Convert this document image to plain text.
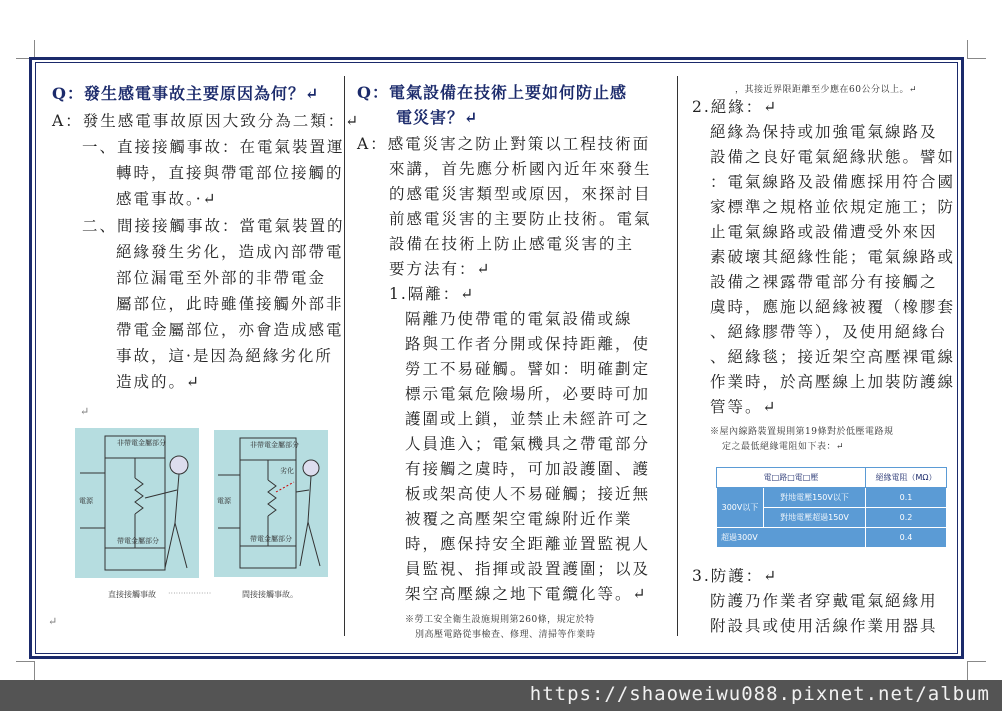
Q：發生感電事故主要原因為何？↵
A：發生感電事故原因大致分為二類：↵
一、直接接觸事故：在電氣裝置運
轉時，直接與帶電部位接觸的
感電事故。·↵
二、間接接觸事故：當電氣裝置的
絕緣發生劣化，造成內部帶電
部位漏電至外部的非帶電金
屬部位，此時雖僅接觸外部非
帶電金屬部位，亦會造成感電
事故，這·是因為絕緣劣化所
造成的。↵
↵
非帶電金屬部分
電源
帶電金屬部分
非帶電金屬部分
劣化
電源
帶電金屬部分
直接接觸事故 ·················	間接接觸事故。
↵
Q：電氣設備在技術上要如何防止感
電災害？↵
A：感電災害之防止對策以工程技術面
來講，首先應分析國內近年來發生
的感電災害類型或原因，來探討目
前感電災害的主要防止技術。電氣
設備在技術上防止感電災害的主
要方法有：↵
1.隔離：↵
隔離乃使帶電的電氣設備或線
路與工作者分開或保持距離，使
勞工不易碰觸。譬如：明確劃定
標示電氣危險場所，必要時可加
護圍或上鎖，並禁止未經許可之
人員進入；電氣機具之帶電部分
有接觸之虞時，可加設護圍、護
板或架高使人不易碰觸；接近無
被覆之高壓架空電線附近作業
時，應保持安全距離並置監視人
員監視、指揮或設置護圍；以及
架空高壓線之地下電纜化等。↵
※勞工安全衛生設施規則第260條，規定於特
別高壓電路從事檢查、修理、清掃等作業時
，其接近界限距離至少應在60公分以上。↵
2.絕緣：↵
絕緣為保持或加強電氣線路及
設備之良好電氣絕緣狀態。譬如
：電氣線路及設備應採用符合國
家標準之規格並依規定施工；防
止電氣線路或設備遭受外來因
素破壞其絕緣性能；電氣線路或
設備之裸露帶電部分有接觸之
虞時，應施以絕緣被覆（橡膠套
、絕緣膠帶等），及使用絕緣台
、絕緣毯；接近架空高壓裸電線
作業時，於高壓線上加裝防護線
管等。↵
※屋內線路裝置規則第19條對於低壓電路規
定之最低絕緣電阻如下表：↵
電□路□電□壓		絕緣電阻（MΩ）
300V以下	對地電壓150V以下	0.1
	對地電壓超過150V	0.2
超過300V		0.4
3.防護：↵
防護乃作業者穿戴電氣絕緣用
附設具或使用活線作業用器具
https://shaoweiwu088.pixnet.net/album
